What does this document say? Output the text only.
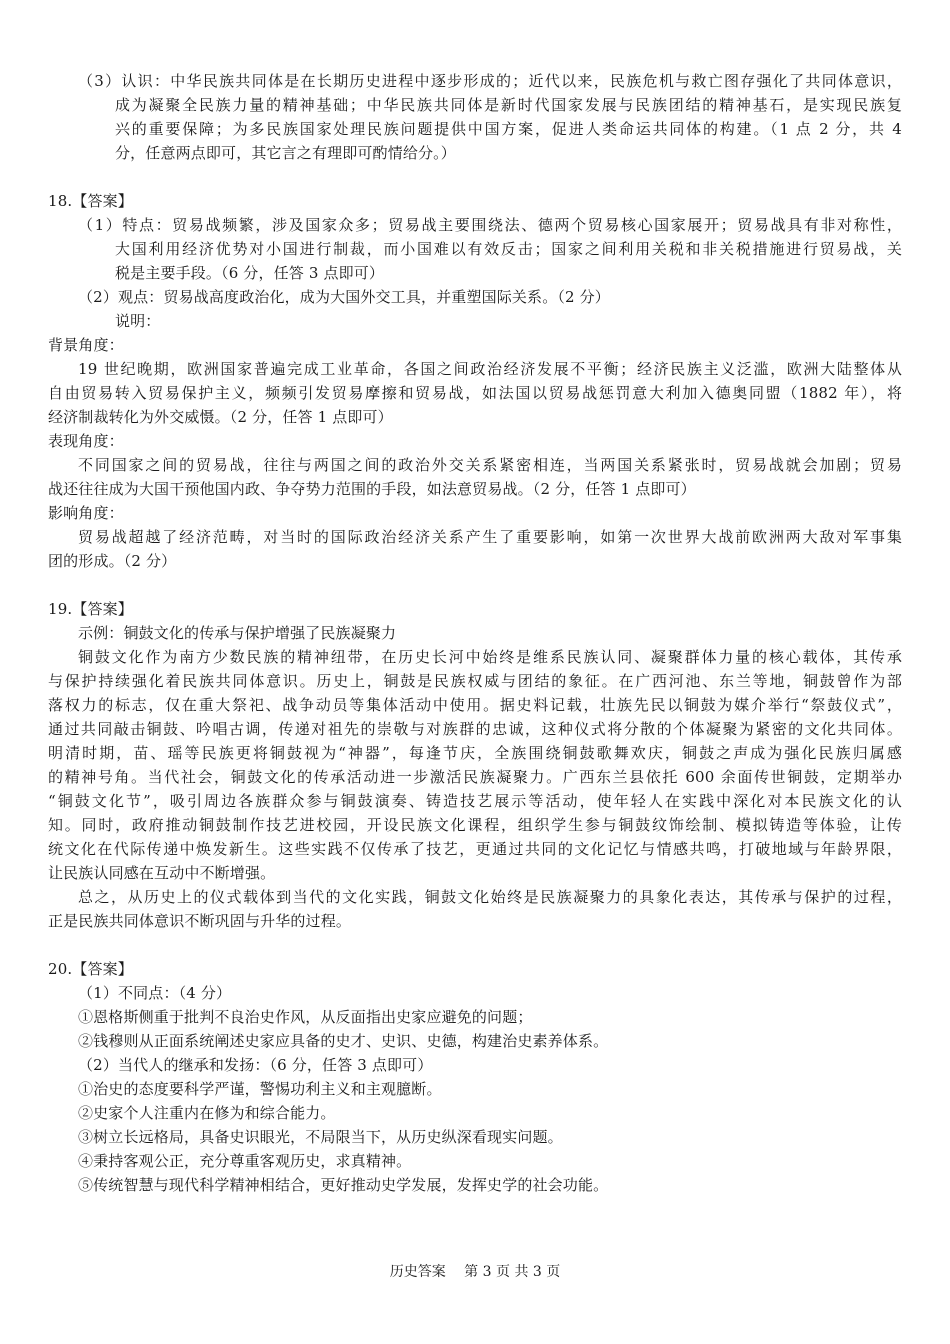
（3）认识：中华民族共同体是在长期历史进程中逐步形成的；近代以来，民族危机与救亡图存强化了共同体意识，
成为凝聚全民族力量的精神基础；中华民族共同体是新时代国家发展与民族团结的精神基石，是实现民族复
兴的重要保障；为多民族国家处理民族问题提供中国方案，促进人类命运共同体的构建。（1 点 2 分，共 4
分，任意两点即可，其它言之有理即可酌情给分。）
18.【答案】
（1）特点：贸易战频繁，涉及国家众多；贸易战主要围绕法、德两个贸易核心国家展开；贸易战具有非对称性，
大国利用经济优势对小国进行制裁，而小国难以有效反击；国家之间利用关税和非关税措施进行贸易战，关
税是主要手段。（6 分，任答 3 点即可）
（2）观点：贸易战高度政治化，成为大国外交工具，并重塑国际关系。（2 分）
说明：
背景角度：
19 世纪晚期，欧洲国家普遍完成工业革命，各国之间政治经济发展不平衡；经济民族主义泛滥，欧洲大陆整体从
自由贸易转入贸易保护主义，频频引发贸易摩擦和贸易战，如法国以贸易战惩罚意大利加入德奥同盟（1882 年），将
经济制裁转化为外交威慑。（2 分，任答 1 点即可）
表现角度：
不同国家之间的贸易战，往往与两国之间的政治外交关系紧密相连，当两国关系紧张时，贸易战就会加剧；贸易
战还往往成为大国干预他国内政、争夺势力范围的手段，如法意贸易战。（2 分，任答 1 点即可）
影响角度：
贸易战超越了经济范畴，对当时的国际政治经济关系产生了重要影响，如第一次世界大战前欧洲两大敌对军事集
团的形成。（2 分）
19.【答案】
示例：铜鼓文化的传承与保护增强了民族凝聚力
铜鼓文化作为南方少数民族的精神纽带，在历史长河中始终是维系民族认同、凝聚群体力量的核心载体，其传承
与保护持续强化着民族共同体意识。历史上，铜鼓是民族权威与团结的象征。在广西河池、东兰等地，铜鼓曾作为部
落权力的标志，仅在重大祭祀、战争动员等集体活动中使用。据史料记载，壮族先民以铜鼓为媒介举行“祭鼓仪式”，
通过共同敲击铜鼓、吟唱古调，传递对祖先的崇敬与对族群的忠诚，这种仪式将分散的个体凝聚为紧密的文化共同体。
明清时期，苗、瑶等民族更将铜鼓视为“神器”，每逢节庆，全族围绕铜鼓歌舞欢庆，铜鼓之声成为强化民族归属感
的精神号角。当代社会，铜鼓文化的传承活动进一步激活民族凝聚力。广西东兰县依托 600 余面传世铜鼓，定期举办
“铜鼓文化节”，吸引周边各族群众参与铜鼓演奏、铸造技艺展示等活动，使年轻人在实践中深化对本民族文化的认
知。同时，政府推动铜鼓制作技艺进校园，开设民族文化课程，组织学生参与铜鼓纹饰绘制、模拟铸造等体验，让传
统文化在代际传递中焕发新生。这些实践不仅传承了技艺，更通过共同的文化记忆与情感共鸣，打破地域与年龄界限，
让民族认同感在互动中不断增强。
总之，从历史上的仪式载体到当代的文化实践，铜鼓文化始终是民族凝聚力的具象化表达，其传承与保护的过程，
正是民族共同体意识不断巩固与升华的过程。
20.【答案】
（1）不同点：（4 分）
①恩格斯侧重于批判不良治史作风，从反面指出史家应避免的问题；
②钱穆则从正面系统阐述史家应具备的史才、史识、史德，构建治史素养体系。
（2）当代人的继承和发扬：（6 分，任答 3 点即可）
①治史的态度要科学严谨，警惕功利主义和主观臆断。
②史家个人注重内在修为和综合能力。
③树立长远格局，具备史识眼光，不局限当下，从历史纵深看现实问题。
④秉持客观公正，充分尊重客观历史，求真精神。
⑤传统智慧与现代科学精神相结合，更好推动史学发展，发挥史学的社会功能。
历史答案　 第 3 页 共 3 页
